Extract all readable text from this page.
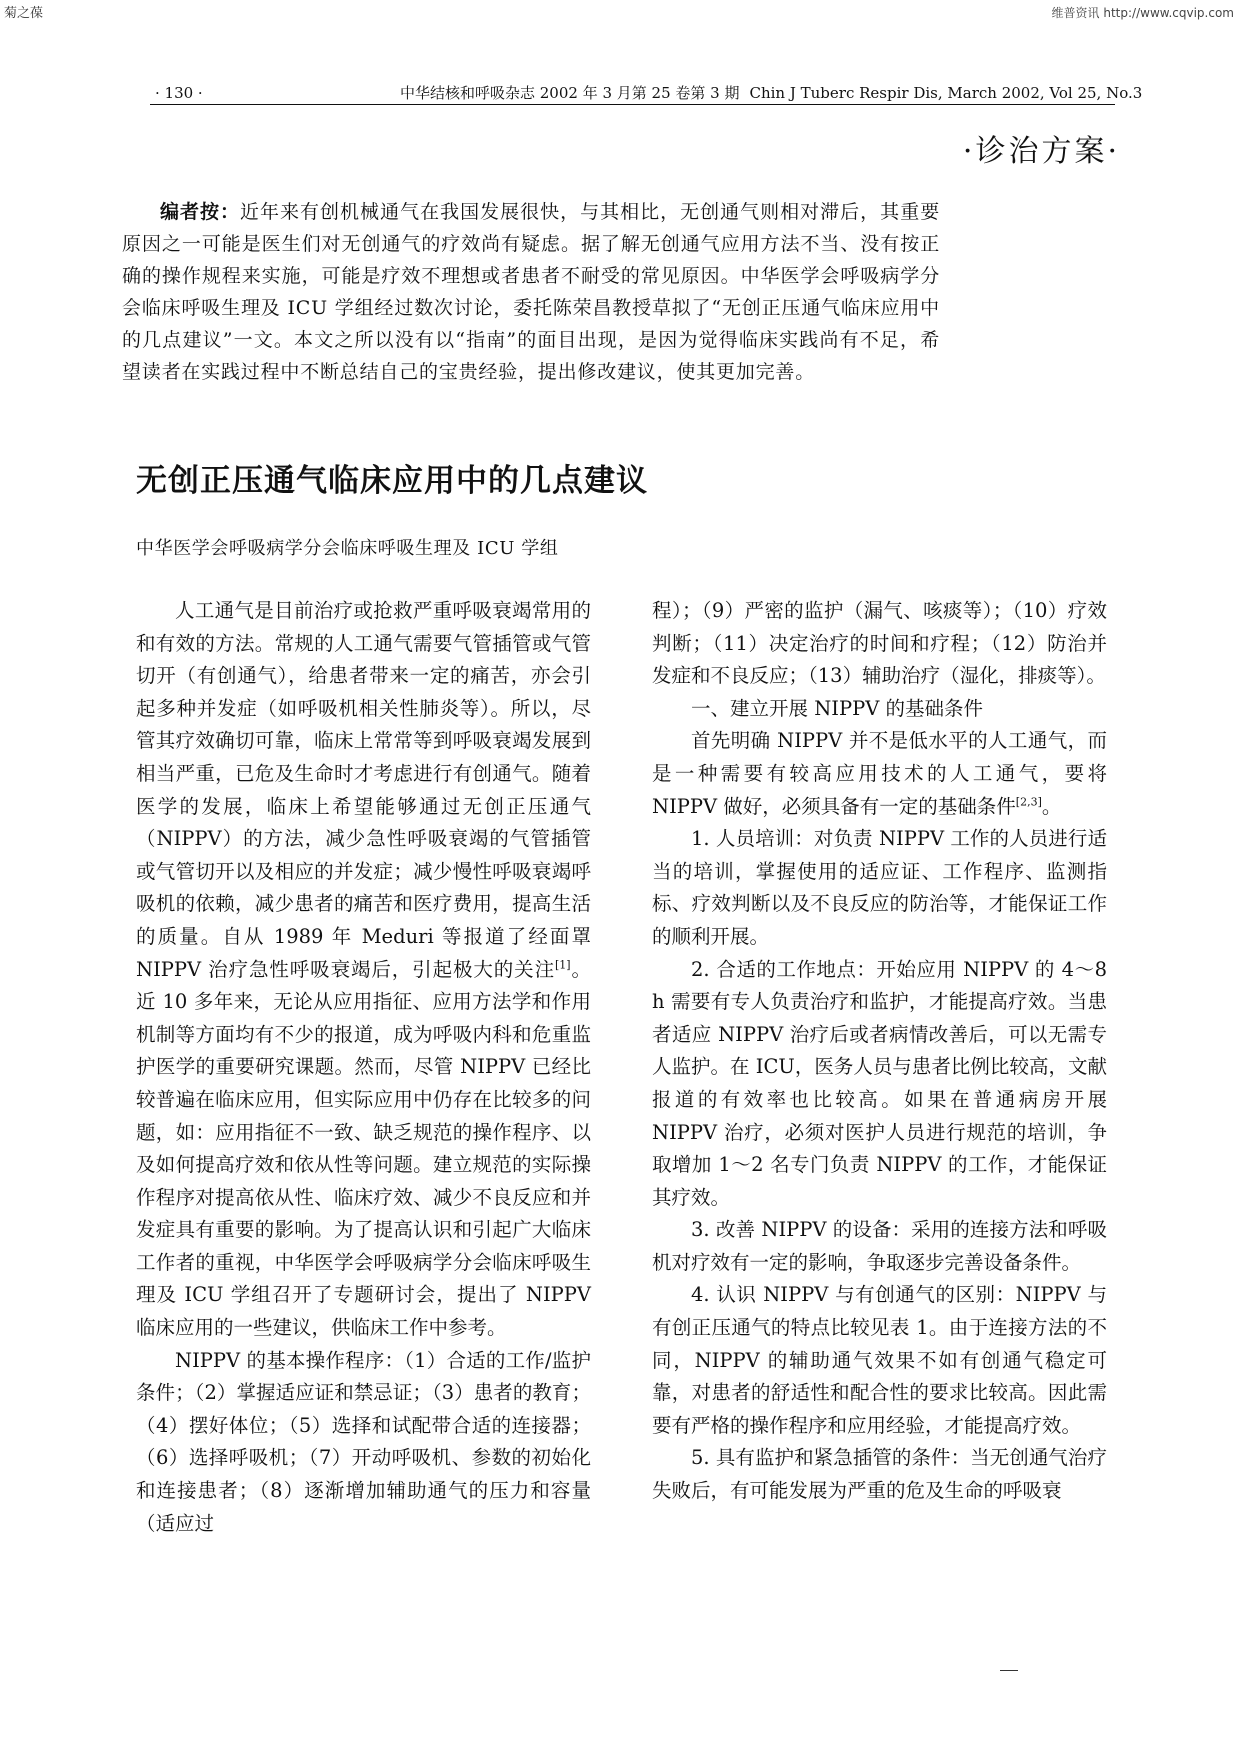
菊之葆	维普资讯 http://www.cqvip.com
· 130 ·	中华结核和呼吸杂志 2002 年 3 月第 25 卷第 3 期 Chin J Tuberc Respir Dis, March 2002, Vol 25, No.3
·诊治方案·
编者按：近年来有创机械通气在我国发展很快，与其相比，无创通气则相对滞后，其重要原因之一可能是医生们对无创通气的疗效尚有疑虑。据了解无创通气应用方法不当、没有按正确的操作规程来实施，可能是疗效不理想或者患者不耐受的常见原因。中华医学会呼吸病学分会临床呼吸生理及 ICU 学组经过数次讨论，委托陈荣昌教授草拟了“无创正压通气临床应用中的几点建议”一文。本文之所以没有以“指南”的面目出现，是因为觉得临床实践尚有不足，希望读者在实践过程中不断总结自己的宝贵经验，提出修改建议，使其更加完善。
无创正压通气临床应用中的几点建议
中华医学会呼吸病学分会临床呼吸生理及 ICU 学组

人工通气是目前治疗或抢救严重呼吸衰竭常用的和有效的方法。常规的人工通气需要气管插管或气管切开（有创通气），给患者带来一定的痛苦，亦会引起多种并发症（如呼吸机相关性肺炎等）。所以，尽管其疗效确切可靠，临床上常常等到呼吸衰竭发展到相当严重，已危及生命时才考虑进行有创通气。随着医学的发展，临床上希望能够通过无创正压通气（NIPPV）的方法，减少急性呼吸衰竭的气管插管或气管切开以及相应的并发症；减少慢性呼吸衰竭呼吸机的依赖，减少患者的痛苦和医疗费用，提高生活的质量。自从 1989 年 Meduri 等报道了经面罩 NIPPV 治疗急性呼吸衰竭后，引起极大的关注[1]。近 10 多年来，无论从应用指征、应用方法学和作用机制等方面均有不少的报道，成为呼吸内科和危重监护医学的重要研究课题。然而，尽管 NIPPV 已经比较普遍在临床应用，但实际应用中仍存在比较多的问题，如：应用指征不一致、缺乏规范的操作程序、以及如何提高疗效和依从性等问题。建立规范的实际操作程序对提高依从性、临床疗效、减少不良反应和并发症具有重要的影响。为了提高认识和引起广大临床工作者的重视，中华医学会呼吸病学分会临床呼吸生理及 ICU 学组召开了专题研讨会，提出了 NIPPV 临床应用的一些建议，供临床工作中参考。

NIPPV 的基本操作程序：（1）合适的工作/监护条件；（2）掌握适应证和禁忌证；（3）患者的教育；（4）摆好体位；（5）选择和试配带合适的连接器；（6）选择呼吸机；（7）开动呼吸机、参数的初始化和连接患者；（8）逐渐增加辅助通气的压力和容量（适应过

程）；（9）严密的监护（漏气、咳痰等）；（10）疗效判断；（11）决定治疗的时间和疗程；（12）防治并发症和不良反应；（13）辅助治疗（湿化，排痰等）。

一、建立开展 NIPPV 的基础条件

首先明确 NIPPV 并不是低水平的人工通气，而是一种需要有较高应用技术的人工通气，要将 NIPPV 做好，必须具备有一定的基础条件[2,3]。

1. 人员培训：对负责 NIPPV 工作的人员进行适当的培训，掌握使用的适应证、工作程序、监测指标、疗效判断以及不良反应的防治等，才能保证工作的顺利开展。

2. 合适的工作地点：开始应用 NIPPV 的 4～8 h 需要有专人负责治疗和监护，才能提高疗效。当患者适应 NIPPV 治疗后或者病情改善后，可以无需专人监护。在 ICU，医务人员与患者比例比较高，文献报道的有效率也比较高。如果在普通病房开展 NIPPV 治疗，必须对医护人员进行规范的培训，争取增加 1～2 名专门负责 NIPPV 的工作，才能保证其疗效。

3. 改善 NIPPV 的设备：采用的连接方法和呼吸机对疗效有一定的影响，争取逐步完善设备条件。

4. 认识 NIPPV 与有创通气的区别：NIPPV 与有创正压通气的特点比较见表 1。由于连接方法的不同，NIPPV 的辅助通气效果不如有创通气稳定可靠，对患者的舒适性和配合性的要求比较高。因此需要有严格的操作程序和应用经验，才能提高疗效。

5. 具有监护和紧急插管的条件：当无创通气治疗失败后，有可能发展为严重的危及生命的呼吸衰
